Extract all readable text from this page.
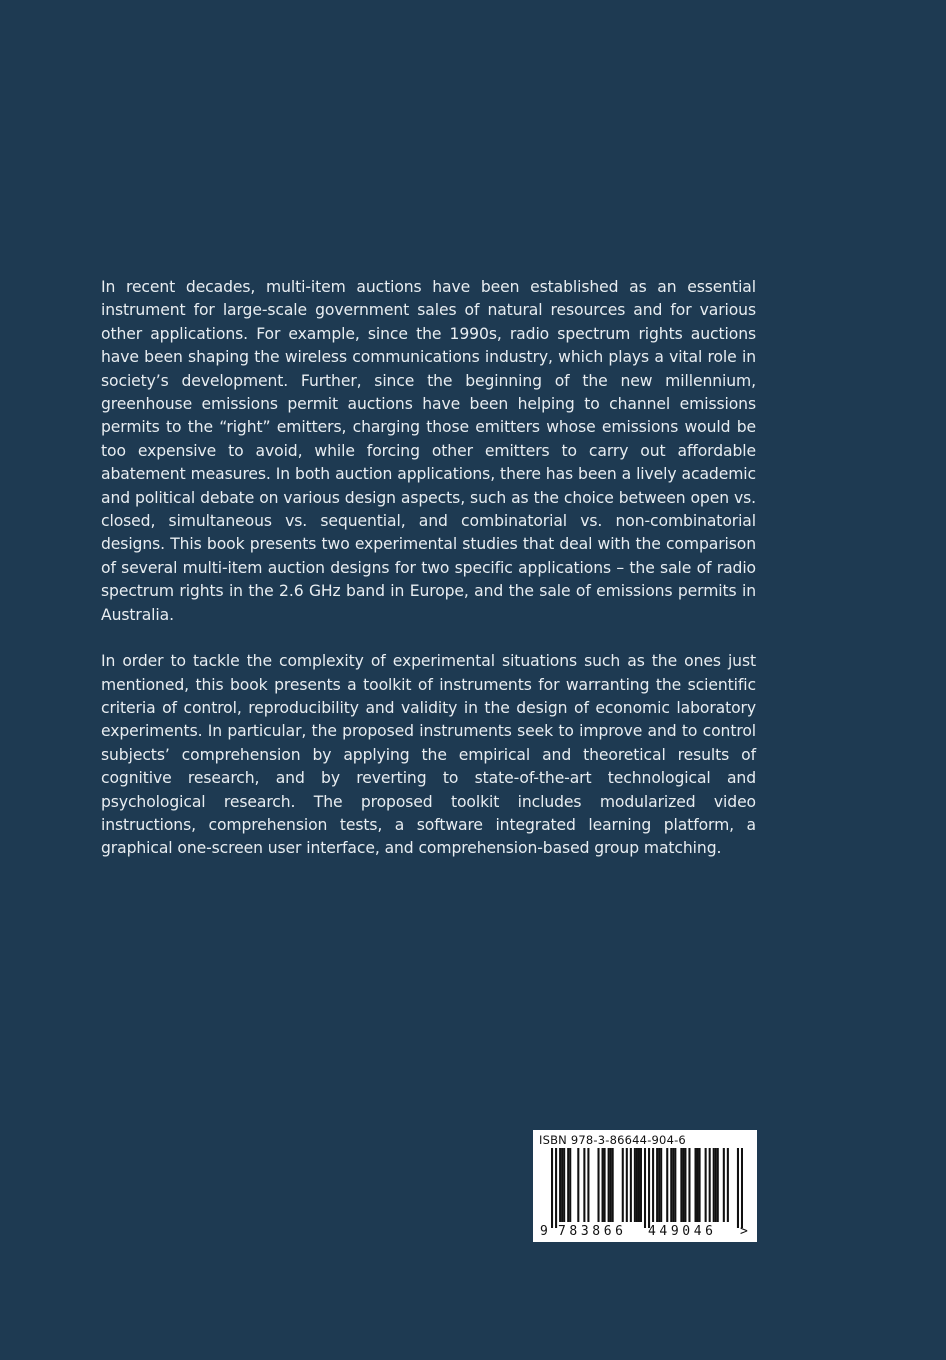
In recent decades, multi-item auctions have been established as an essential instrument for large-scale government sales of natural resources and for various other applications. For example, since the 1990s, radio spectrum rights auctions have been shaping the wireless communications industry, which plays a vital role in society’s development. Further, since the beginning of the new millennium, greenhouse emissions permit auctions have been helping to channel emissions permits to the “right” emitters, charging those emitters whose emissions would be too expensive to avoid, while forcing other emitters to carry out affordable abatement measures. In both auction applications, there has been a lively academic and political debate on various design aspects, such as the choice between open vs. closed, simultaneous vs. sequential, and combinatorial vs. non-combinatorial designs. This book presents two experimental studies that deal with the comparison of several multi-item auction designs for two specific applications – the sale of radio spectrum rights in the 2.6 GHz band in Europe, and the sale of emissions permits in Australia.

In order to tackle the complexity of experimental situations such as the ones just mentioned, this book presents a toolkit of instruments for warranting the scientific criteria of control, reproducibility and validity in the design of economic laboratory experiments. In particular, the proposed instruments seek to improve and to control subjects’ comprehension by applying the empirical and theoretical results of cognitive research, and by reverting to state-of-the-art technological and psychological research. The proposed toolkit includes modularized video instructions, comprehension tests, a software integrated learning platform, a graphical one-screen user interface, and comprehension-based group matching.

ISBN 978-3-86644-904-6
9 783866 449046 >
